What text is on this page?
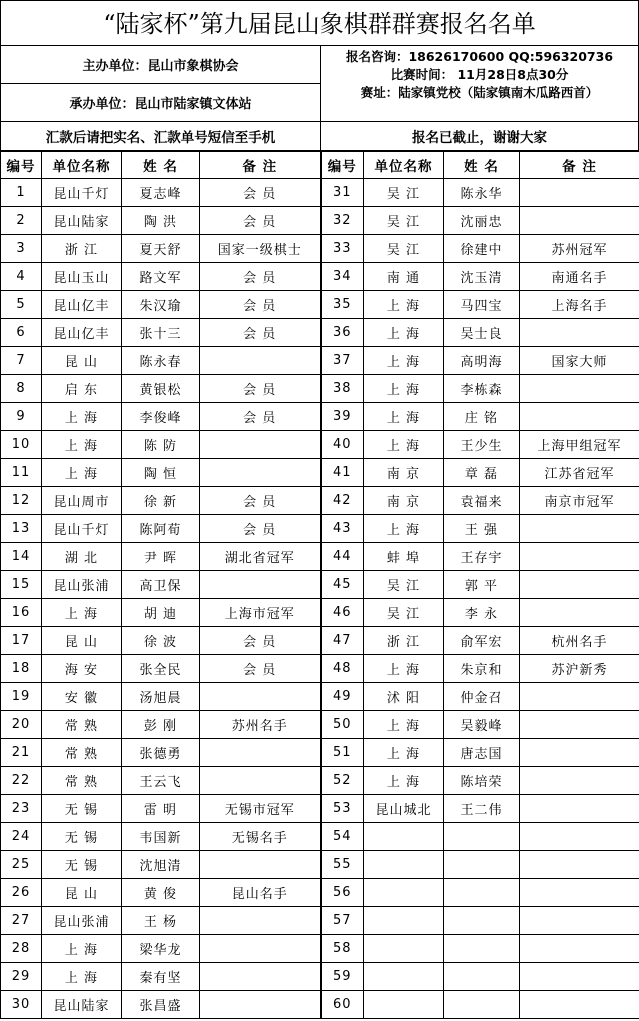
“陆家杯”第九届昆山象棋群群赛报名名单
主办单位：昆山市象棋协会
承办单位：昆山市陆家镇文体站
报名咨询：18626170600 QQ:596320736
比赛时间： 11月28日8点30分
赛址：陆家镇党校（陆家镇南木瓜路西首）
汇款后请把实名、汇款单号短信至手机	报名已截止，谢谢大家
编号	单位名称	姓 名	备 注	编号	单位名称	姓 名	备 注
1	昆山千灯	夏志峰	会 员	31	吴 江	陈永华	
2	昆山陆家	陶 洪	会 员	32	吴 江	沈丽忠	
3	浙 江	夏天舒	国家一级棋士	33	吴 江	徐建中	苏州冠军
4	昆山玉山	路文军	会 员	34	南 通	沈玉清	南通名手
5	昆山亿丰	朱汉瑜	会 员	35	上 海	马四宝	上海名手
6	昆山亿丰	张十三	会 员	36	上 海	吴士良	
7	昆 山	陈永春		37	上 海	高明海	国家大师
8	启 东	黄银松	会 员	38	上 海	李栋森	
9	上 海	李俊峰	会 员	39	上 海	庄 铭	
10	上 海	陈 防		40	上 海	王少生	上海甲组冠军
11	上 海	陶 恒		41	南 京	章 磊	江苏省冠军
12	昆山周市	徐 新	会 员	42	南 京	袁福来	南京市冠军
13	昆山千灯	陈阿荀	会 员	43	上 海	王 强	
14	湖 北	尹 晖	湖北省冠军	44	蚌 埠	王存宇	
15	昆山张浦	高卫保		45	吴 江	郭 平	
16	上 海	胡 迪	上海市冠军	46	吴 江	李 永	
17	昆 山	徐 波	会 员	47	浙 江	俞军宏	杭州名手
18	海 安	张全民	会 员	48	上 海	朱京和	苏沪新秀
19	安 徽	汤旭晨		49	沭 阳	仲金召	
20	常 熟	彭 刚	苏州名手	50	上 海	吴毅峰	
21	常 熟	张德勇		51	上 海	唐志国	
22	常 熟	王云飞		52	上 海	陈培荣	
23	无 锡	雷 明	无锡市冠军	53	昆山城北	王二伟	
24	无 锡	韦国新	无锡名手	54			
25	无 锡	沈旭清		55			
26	昆 山	黄 俊	昆山名手	56			
27	昆山张浦	王 杨		57			
28	上 海	梁华龙		58			
29	上 海	秦有坚		59			
30	昆山陆家	张昌盛		60			
